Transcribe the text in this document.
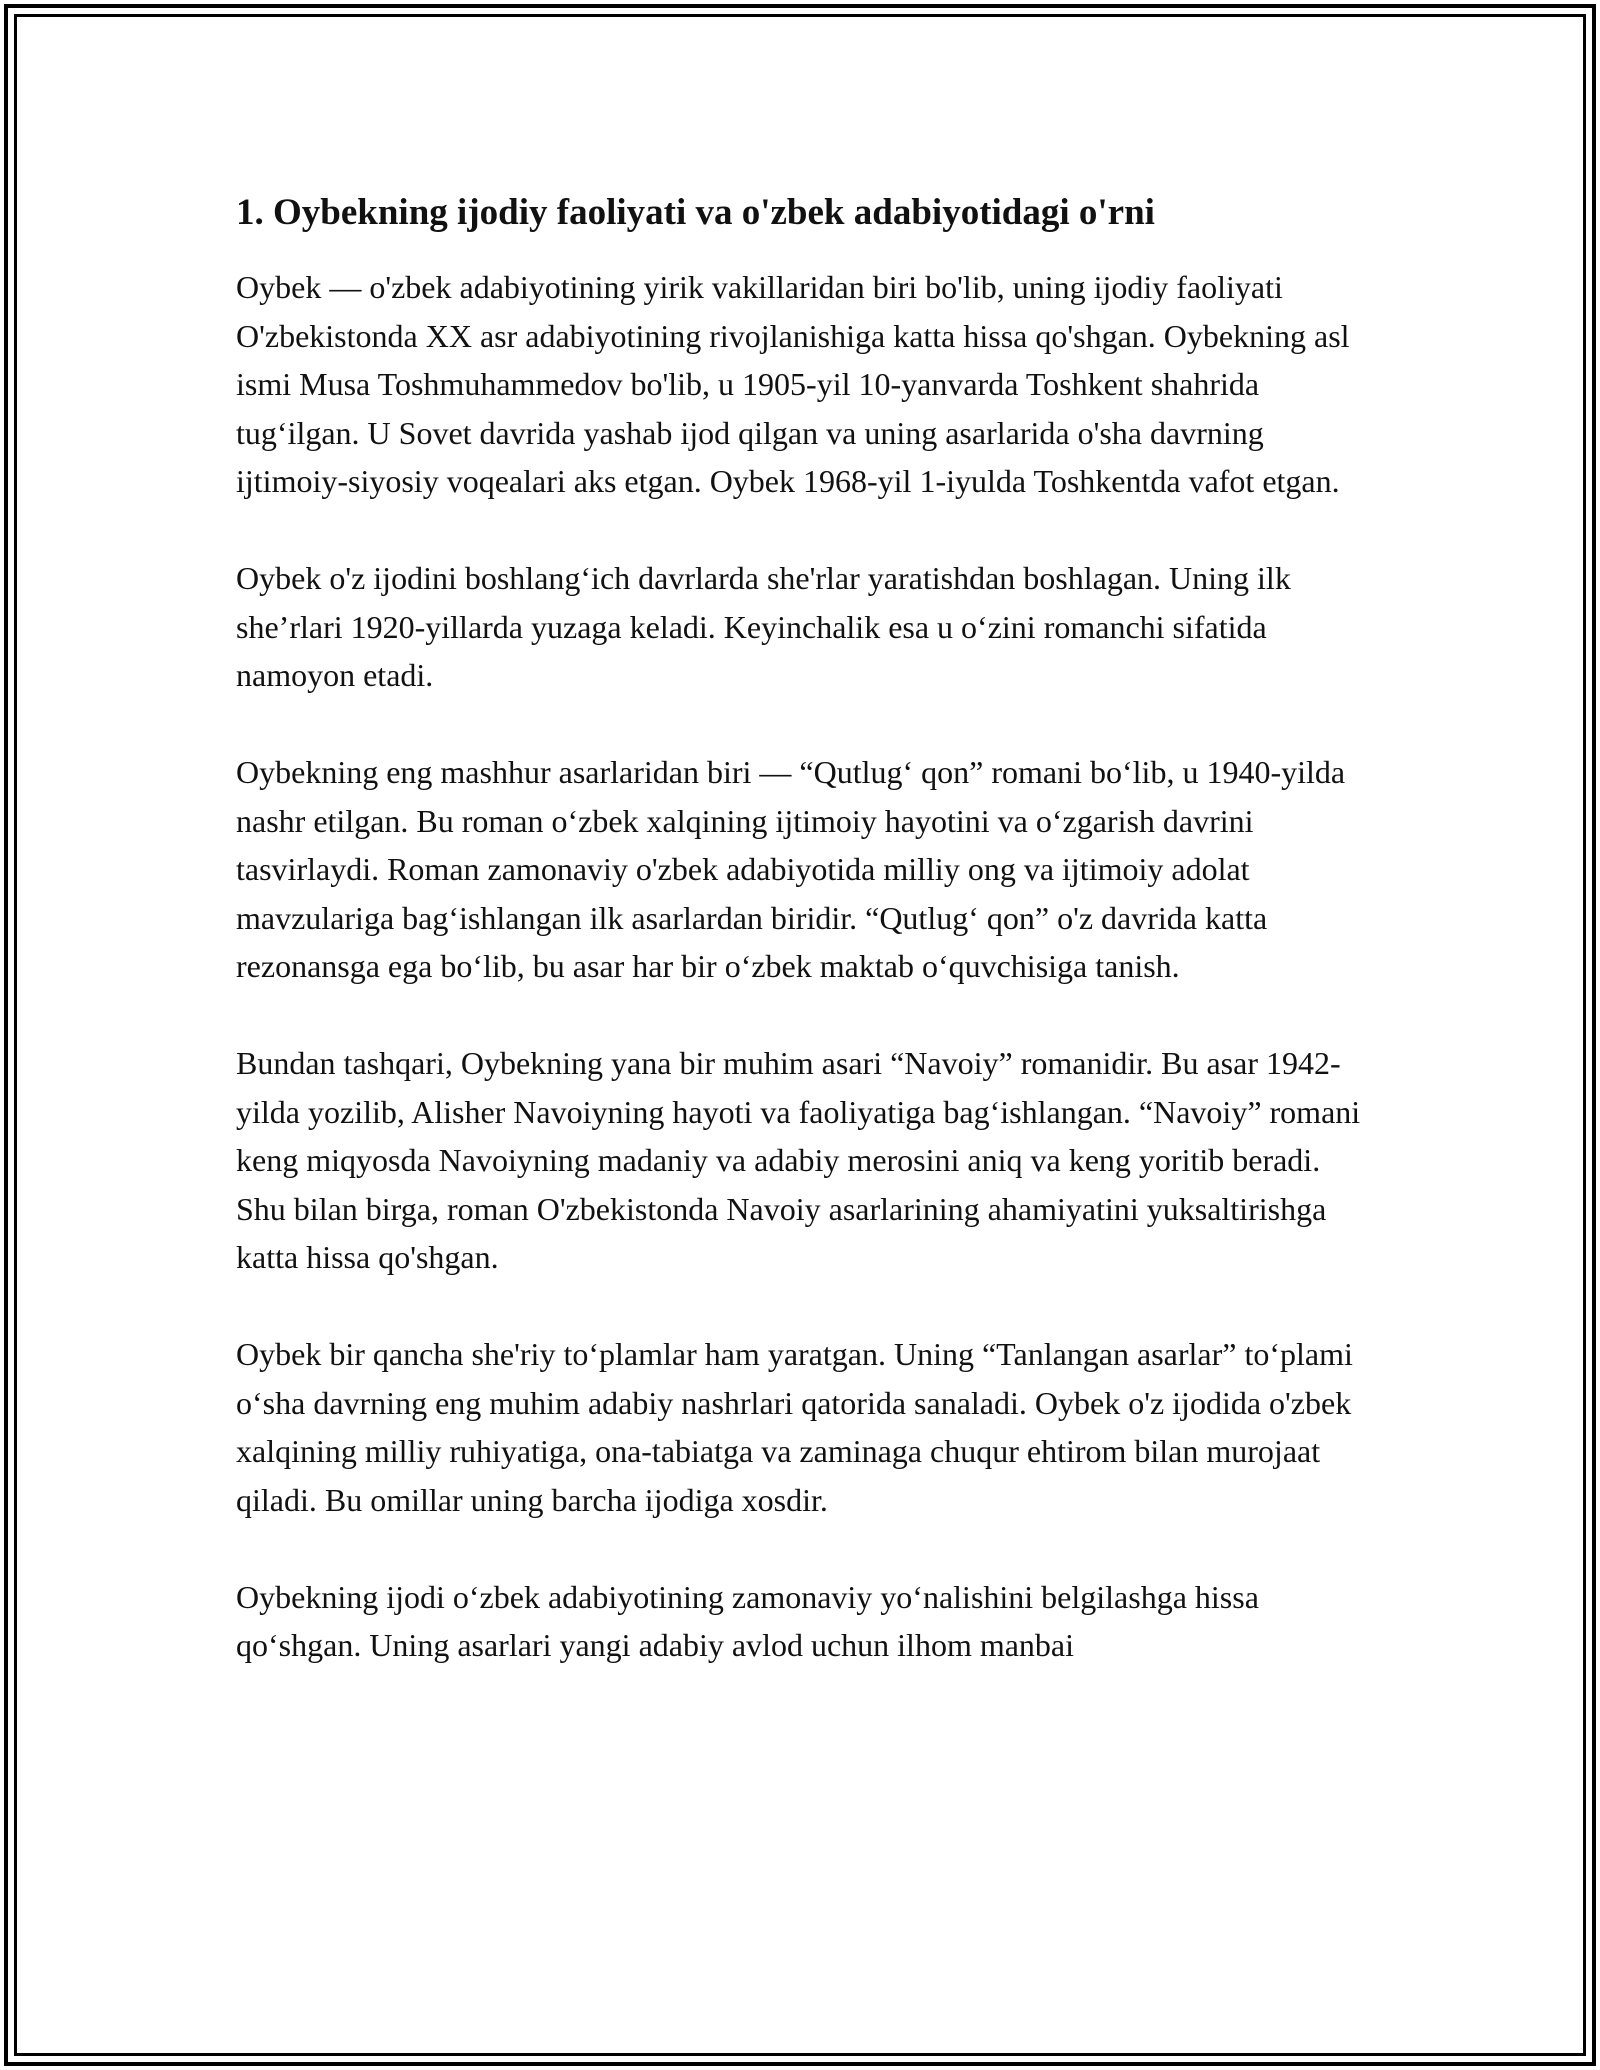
1. Oybekning ijodiy faoliyati va o'zbek adabiyotidagi o'rni

Oybek — o'zbek adabiyotining yirik vakillaridan biri bo'lib, uning ijodiy faoliyati O'zbekistonda XX asr adabiyotining rivojlanishiga katta hissa qo'shgan. Oybekning asl ismi Musa Toshmuhammedov bo'lib, u 1905-yil 10-yanvarda Toshkent shahrida tug‘ilgan. U Sovet davrida yashab ijod qilgan va uning asarlarida o'sha davrning ijtimoiy-siyosiy voqealari aks etgan. Oybek 1968-yil 1-iyulda Toshkentda vafot etgan.

Oybek o'z ijodini boshlang‘ich davrlarda she'rlar yaratishdan boshlagan. Uning ilk she’rlari 1920-yillarda yuzaga keladi. Keyinchalik esa u o‘zini romanchi sifatida namoyon etadi.

Oybekning eng mashhur asarlaridan biri — “Qutlug‘ qon” romani bo‘lib, u 1940-yilda nashr etilgan. Bu roman o‘zbek xalqining ijtimoiy hayotini va o‘zgarish davrini tasvirlaydi. Roman zamonaviy o'zbek adabiyotida milliy ong va ijtimoiy adolat mavzulariga bag‘ishlangan ilk asarlardan biridir. “Qutlug‘ qon” o'z davrida katta rezonansga ega bo‘lib, bu asar har bir o‘zbek maktab o‘quvchisiga tanish.

Bundan tashqari, Oybekning yana bir muhim asari “Navoiy” romanidir. Bu asar 1942-yilda yozilib, Alisher Navoiyning hayoti va faoliyatiga bag‘ishlangan. “Navoiy” romani keng miqyosda Navoiyning madaniy va adabiy merosini aniq va keng yoritib beradi. Shu bilan birga, roman O'zbekistonda Navoiy asarlarining ahamiyatini yuksaltirishga katta hissa qo'shgan.

Oybek bir qancha she'riy to‘plamlar ham yaratgan. Uning “Tanlangan asarlar” to‘plami o‘sha davrning eng muhim adabiy nashrlari qatorida sanaladi. Oybek o'z ijodida o'zbek xalqining milliy ruhiyatiga, ona-tabiatga va zaminaga chuqur ehtirom bilan murojaat qiladi. Bu omillar uning barcha ijodiga xosdir.

Oybekning ijodi o‘zbek adabiyotining zamonaviy yo‘nalishini belgilashga hissa qo‘shgan. Uning asarlari yangi adabiy avlod uchun ilhom manbai
